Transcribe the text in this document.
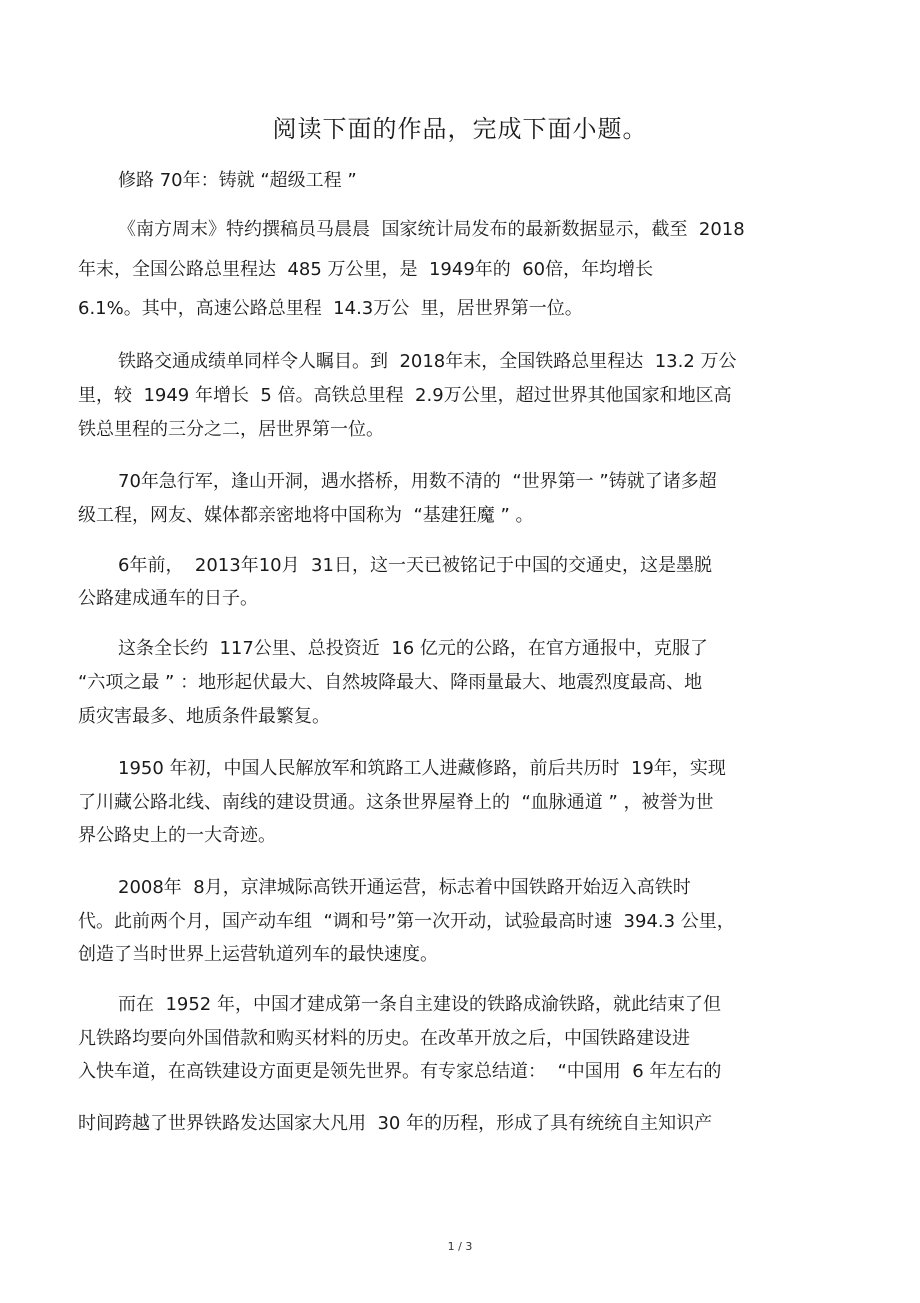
阅读下面的作品，完成下面小题。
修路 70年：铸就 “超级工程 ”
《南方周末》特约撰稿员马晨晨  国家统计局发布的最新数据显示，截至  2018
年末，全国公路总里程达  485 万公里，是  1949年的  60倍，年均增长
6.1%。其中，高速公路总里程  14.3万公  里，居世界第一位。
铁路交通成绩单同样令人瞩目。到  2018年末，全国铁路总里程达  13.2 万公
里，较  1949 年增长  5 倍。高铁总里程  2.9万公里，超过世界其他国家和地区高
铁总里程的三分之二，居世界第一位。
70年急行军，逢山开洞，遇水搭桥，用数不清的  “世界第一 ”铸就了诸多超
级工程，网友、媒体都亲密地将中国称为  “基建狂魔 ” 。
6年前，  2013年10月  31日，这一天已被铭记于中国的交通史，这是墨脱
公路建成通车的日子。
这条全长约  117公里、总投资近  16 亿元的公路，在官方通报中，克服了
“六项之最 ” ：地形起伏最大、自然坡降最大、降雨量最大、地震烈度最高、地
质灾害最多、地质条件最繁复。
1950 年初，中国人民解放军和筑路工人进藏修路，前后共历时  19年，实现
了川藏公路北线、南线的建设贯通。这条世界屋脊上的  “血脉通道 ” ，被誉为世
界公路史上的一大奇迹。
2008年  8月，京津城际高铁开通运营，标志着中国铁路开始迈入高铁时
代。此前两个月，国产动车组  “调和号”第一次开动，试验最高时速  394.3 公里，
创造了当时世界上运营轨道列车的最快速度。
而在  1952 年，中国才建成第一条自主建设的铁路成渝铁路，就此结束了但
凡铁路均要向外国借款和购买材料的历史。在改革开放之后，中国铁路建设进
入快车道，在高铁建设方面更是领先世界。有专家总结道：  “中国用  6 年左右的
时间跨越了世界铁路发达国家大凡用  30 年的历程，形成了具有统统自主知识产
1 / 3
